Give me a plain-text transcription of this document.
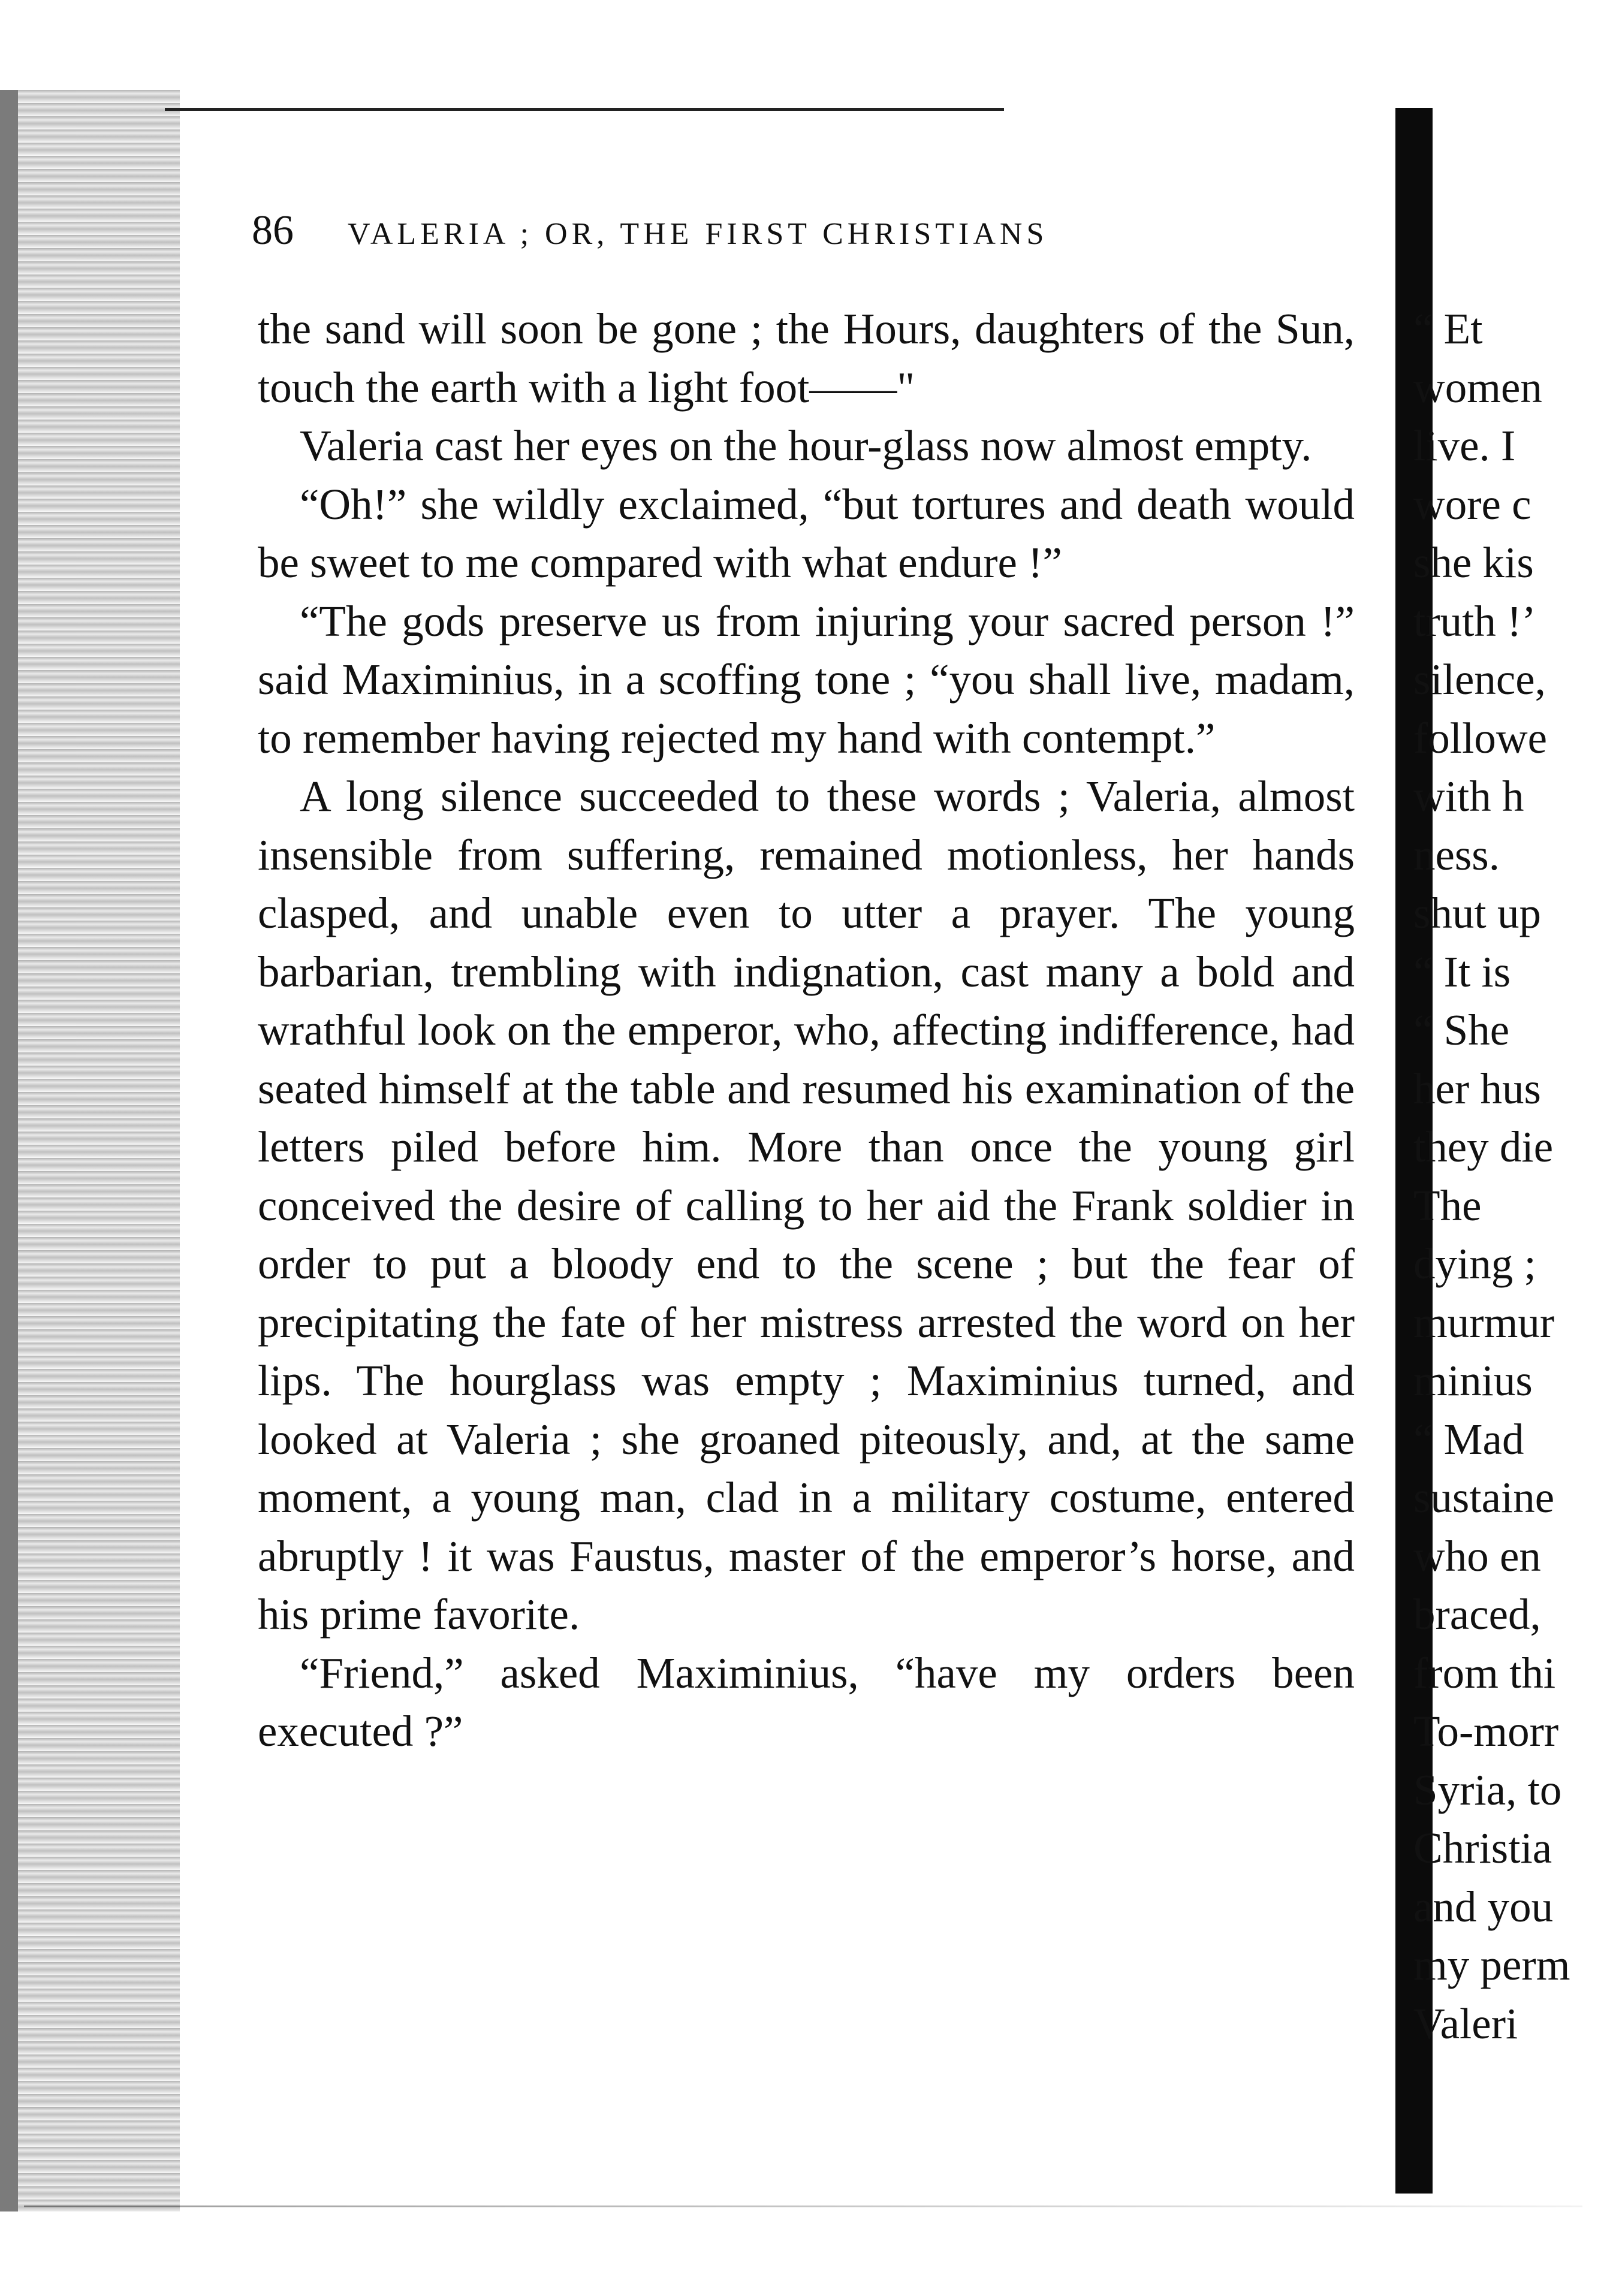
86	VALERIA ; OR, THE FIRST CHRISTIANS

the sand will soon be gone ; the Hours, daughters of the Sun, touch the earth with a light foot——"

Valeria cast her eyes on the hour-glass now almost empty.

“Oh!” she wildly exclaimed, “but tortures and death would be sweet to me compared with what endure !”

“The gods preserve us from injuring your sacred person !” said Maximinius, in a scoffing tone ; “you shall live, madam, to remember having rejected my hand with contempt.”

A long silence succeeded to these words ; Valeria, almost insensible from suffering, remained motionless, her hands clasped, and unable even to utter a prayer. The young barbarian, trembling with indignation, cast many a bold and wrathful look on the emperor, who, affecting indifference, had seated himself at the table and resumed his examination of the letters piled before him. More than once the young girl conceived the desire of calling to her aid the Frank soldier in order to put a bloody end to the scene ; but the fear of precipitating the fate of her mistress arrested the word on her lips. The hourglass was empty ; Maximinius turned, and looked at Valeria ; she groaned piteously, and, at the same moment, a young man, clad in a military costume, entered abruptly ! it was Faustus, master of the emperor’s horse, and his prime favorite.

“Friend,” asked Maximinius, “have my orders been executed ?”

“ Et
women
live. I
wore c
she kis
truth !’
silence,
followe
with h
ness.
shut up
“ It is
“ She
her hus
they die
The
dying ;
murmur
minius
“ Mad
sustaine
who en
braced,
from thi
To-morr
Syria, to
Christia
and you
my perm
Valeri
